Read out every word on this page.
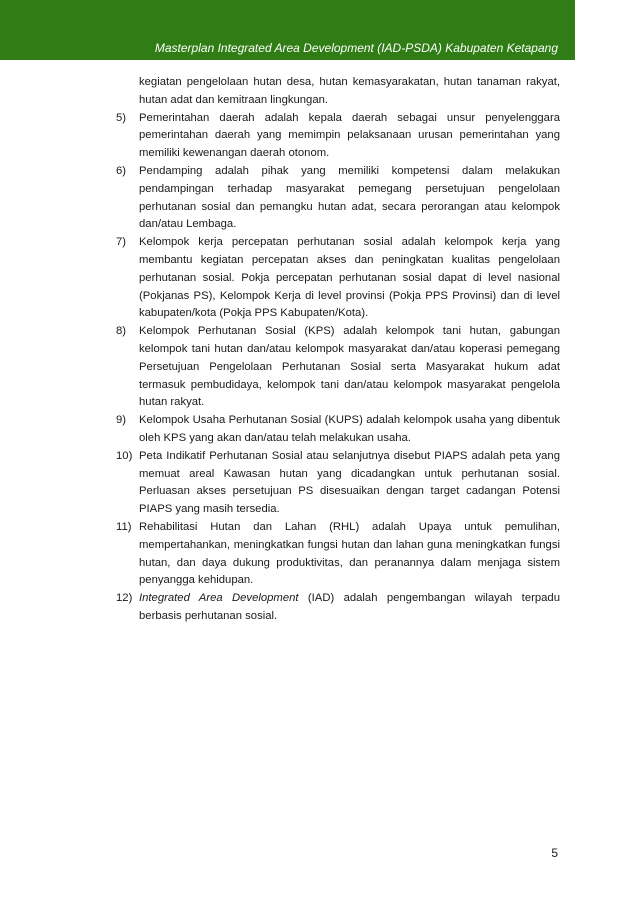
Masterplan Integrated Area Development (IAD-PSDA) Kabupaten Ketapang
kegiatan pengelolaan hutan desa, hutan kemasyarakatan, hutan tanaman rakyat, hutan adat dan kemitraan lingkungan.
5)	Pemerintahan daerah adalah kepala daerah sebagai unsur penyelenggara pemerintahan daerah yang memimpin pelaksanaan urusan pemerintahan yang memiliki kewenangan daerah otonom.
6)	Pendamping adalah pihak yang memiliki kompetensi dalam melakukan pendampingan terhadap masyarakat pemegang persetujuan pengelolaan perhutanan sosial dan pemangku hutan adat, secara perorangan atau kelompok dan/atau Lembaga.
7)	Kelompok kerja percepatan perhutanan sosial adalah kelompok kerja yang membantu kegiatan percepatan akses dan peningkatan kualitas pengelolaan perhutanan sosial. Pokja percepatan perhutanan sosial dapat di level nasional (Pokjanas PS), Kelompok Kerja di level provinsi (Pokja PPS Provinsi) dan di level kabupaten/kota (Pokja PPS Kabupaten/Kota).
8)	Kelompok Perhutanan Sosial (KPS) adalah kelompok tani hutan, gabungan kelompok tani hutan dan/atau kelompok masyarakat dan/atau koperasi pemegang Persetujuan Pengelolaan Perhutanan Sosial serta Masyarakat hukum adat termasuk pembudidaya, kelompok tani dan/atau kelompok masyarakat pengelola hutan rakyat.
9)	Kelompok Usaha Perhutanan Sosial (KUPS) adalah kelompok usaha yang dibentuk oleh KPS yang akan dan/atau telah melakukan usaha.
10) Peta Indikatif Perhutanan Sosial atau selanjutnya disebut PIAPS adalah peta yang memuat areal Kawasan hutan yang dicadangkan untuk perhutanan sosial. Perluasan akses persetujuan PS disesuaikan dengan target cadangan Potensi PIAPS yang masih tersedia.
11) Rehabilitasi Hutan dan Lahan (RHL) adalah Upaya untuk pemulihan, mempertahankan, meningkatkan fungsi hutan dan lahan guna meningkatkan fungsi hutan, dan daya dukung produktivitas, dan peranannya dalam menjaga sistem penyangga kehidupan.
12) Integrated Area Development (IAD) adalah pengembangan wilayah terpadu berbasis perhutanan sosial.
5
